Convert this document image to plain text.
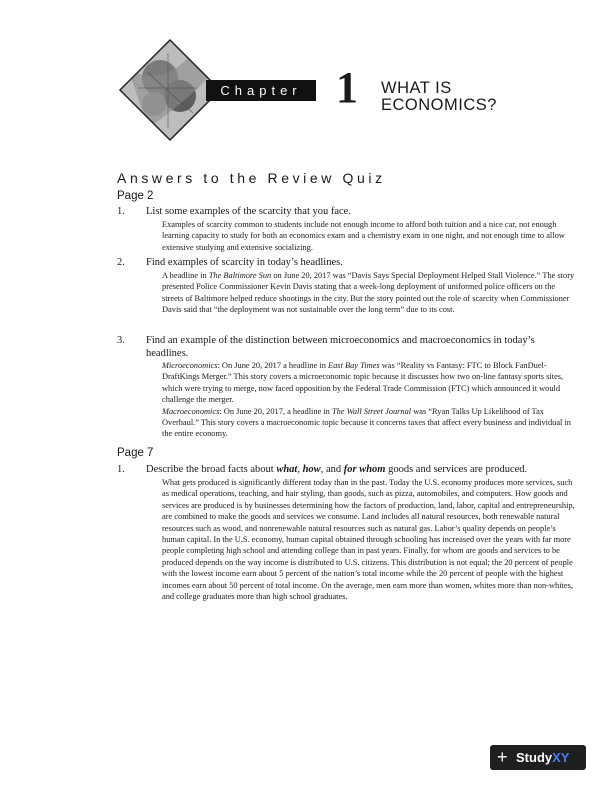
Chapter 1 WHAT IS
ECONOMICS?
Answers to the Review Quiz
Page 2
1. List some examples of the scarcity that you face.
Examples of scarcity common to students include not enough income to afford both tuition and a nice car, not enough learning capacity to study for both an economics exam and a chemistry exam in one night, and not enough time to allow extensive studying and extensive socializing.
2. Find examples of scarcity in today’s headlines.
A headline in The Baltimore Sun on June 20, 2017 was “Davis Says Special Deployment Helped Stall Violence.” The story presented Police Commissioner Kevin Davis stating that a week-long deployment of uniformed police officers on the streets of Baltimore helped reduce shootings in the city. But the story pointed out the role of scarcity when Commissioner Davis said that “the deployment was not sustainable over the long term” due to its cost.
3. Find an example of the distinction between microeconomics and macroeconomics in today’s headlines.

Microeconomics: On June 20, 2017 a headline in East Bay Times was “Reality vs Fantasy: FTC to Block FanDuel-DraftKings Merger.” This story covers a microeconomic topic because it discusses how two on-line fantasy sports sites, which were trying to merge, now faced opposition by the Federal Trade Commission (FTC) which announced it would challenge the merger.

Macroeconomics: On June 20, 2017, a headline in The Wall Street Journal was “Ryan Talks Up Likelihood of Tax Overhaul.” This story covers a macroeconomic topic because it concerns taxes that affect every business and individual in the entire economy.

Page 7
1. Describe the broad facts about what, how, and for whom goods and services are produced.
What gets produced is significantly different today than in the past. Today the U.S. economy produces more services, such as medical operations, teaching, and hair styling, than goods, such as pizza, automobiles, and computers. How goods and services are produced is by businesses determining how the factors of production, land, labor, capital and entrepreneurship, are combined to make the goods and services we consume. Land includes all natural resources, both renewable natural resources such as wood, and nonrenewable natural resources such as natural gas. Labor’s quality depends on people’s human capital. In the U.S. economy, human capital obtained through schooling has increased over the years with far more people completing high school and attending college than in past years. Finally, for whom are goods and services to be produced depends on the way income is distributed to U.S. citizens. This distribution is not equal; the 20 percent of people with the lowest income earn about 5 percent of the nation’s total income while the 20 percent of people with the highest incomes earn about 50 percent of total income. On the average, men earn more than women, whites more than non-whites, and college graduates more than high school graduates.
+ StudyXY
